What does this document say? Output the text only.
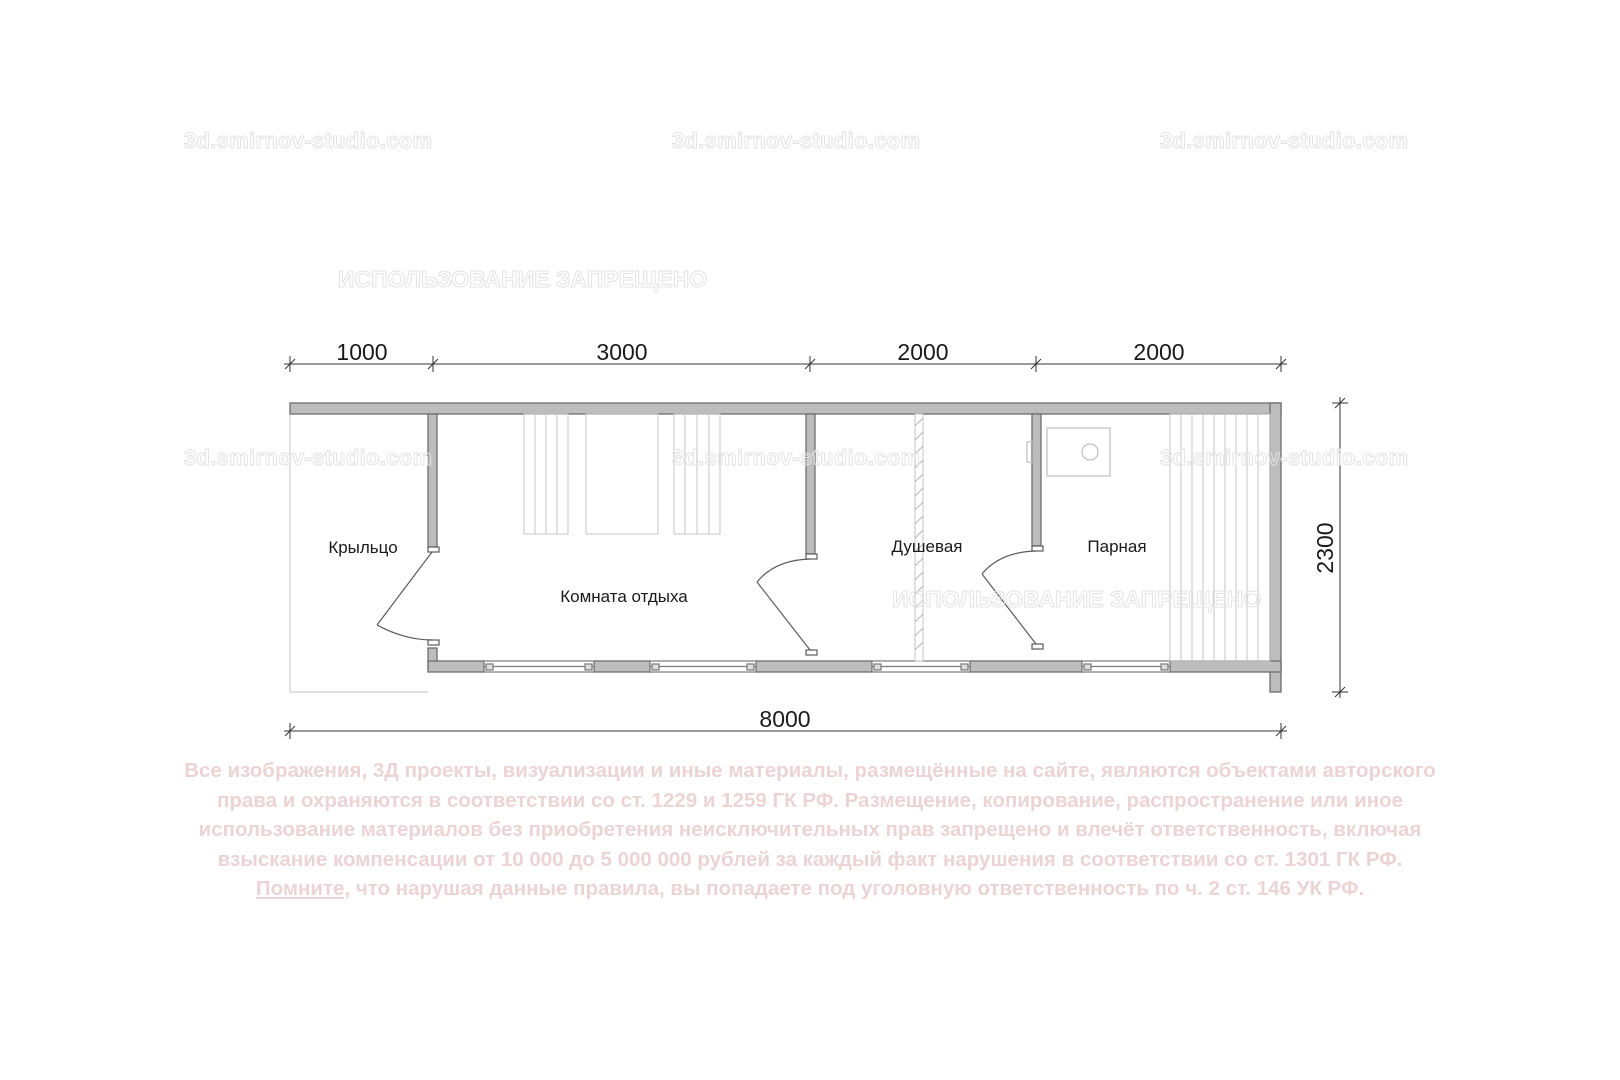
1000	3000	2000	2000
8000
2300
Крыльцо
Комната отдыха
Душевая	Парная
3d.smirnov-studio.com	3d.smirnov-studio.com	3d.smirnov-studio.com
3d.smirnov-studio.com	3d.smirnov-studio.com	3d.smirnov-studio.com
ИСПОЛЬЗОВАНИЕ ЗАПРЕЩЕНО
ИСПОЛЬЗОВАНИЕ ЗАПРЕЩЕНО

Все изображения, 3Д проекты, визуализации и иные материалы, размещённые на сайте, являются объектами авторского

права и охраняются в соответствии со ст. 1229 и 1259 ГК РФ. Размещение, копирование, распространение или иное

использование материалов без приобретения неисключительных прав запрещено и влечёт ответственность, включая

взыскание компенсации от 10 000 до 5 000 000 рублей за каждый факт нарушения в соответствии со ст. 1301 ГК РФ.

Помните, что нарушая данные правила, вы попадаете под уголовную ответственность по ч. 2 ст. 146 УК РФ.
